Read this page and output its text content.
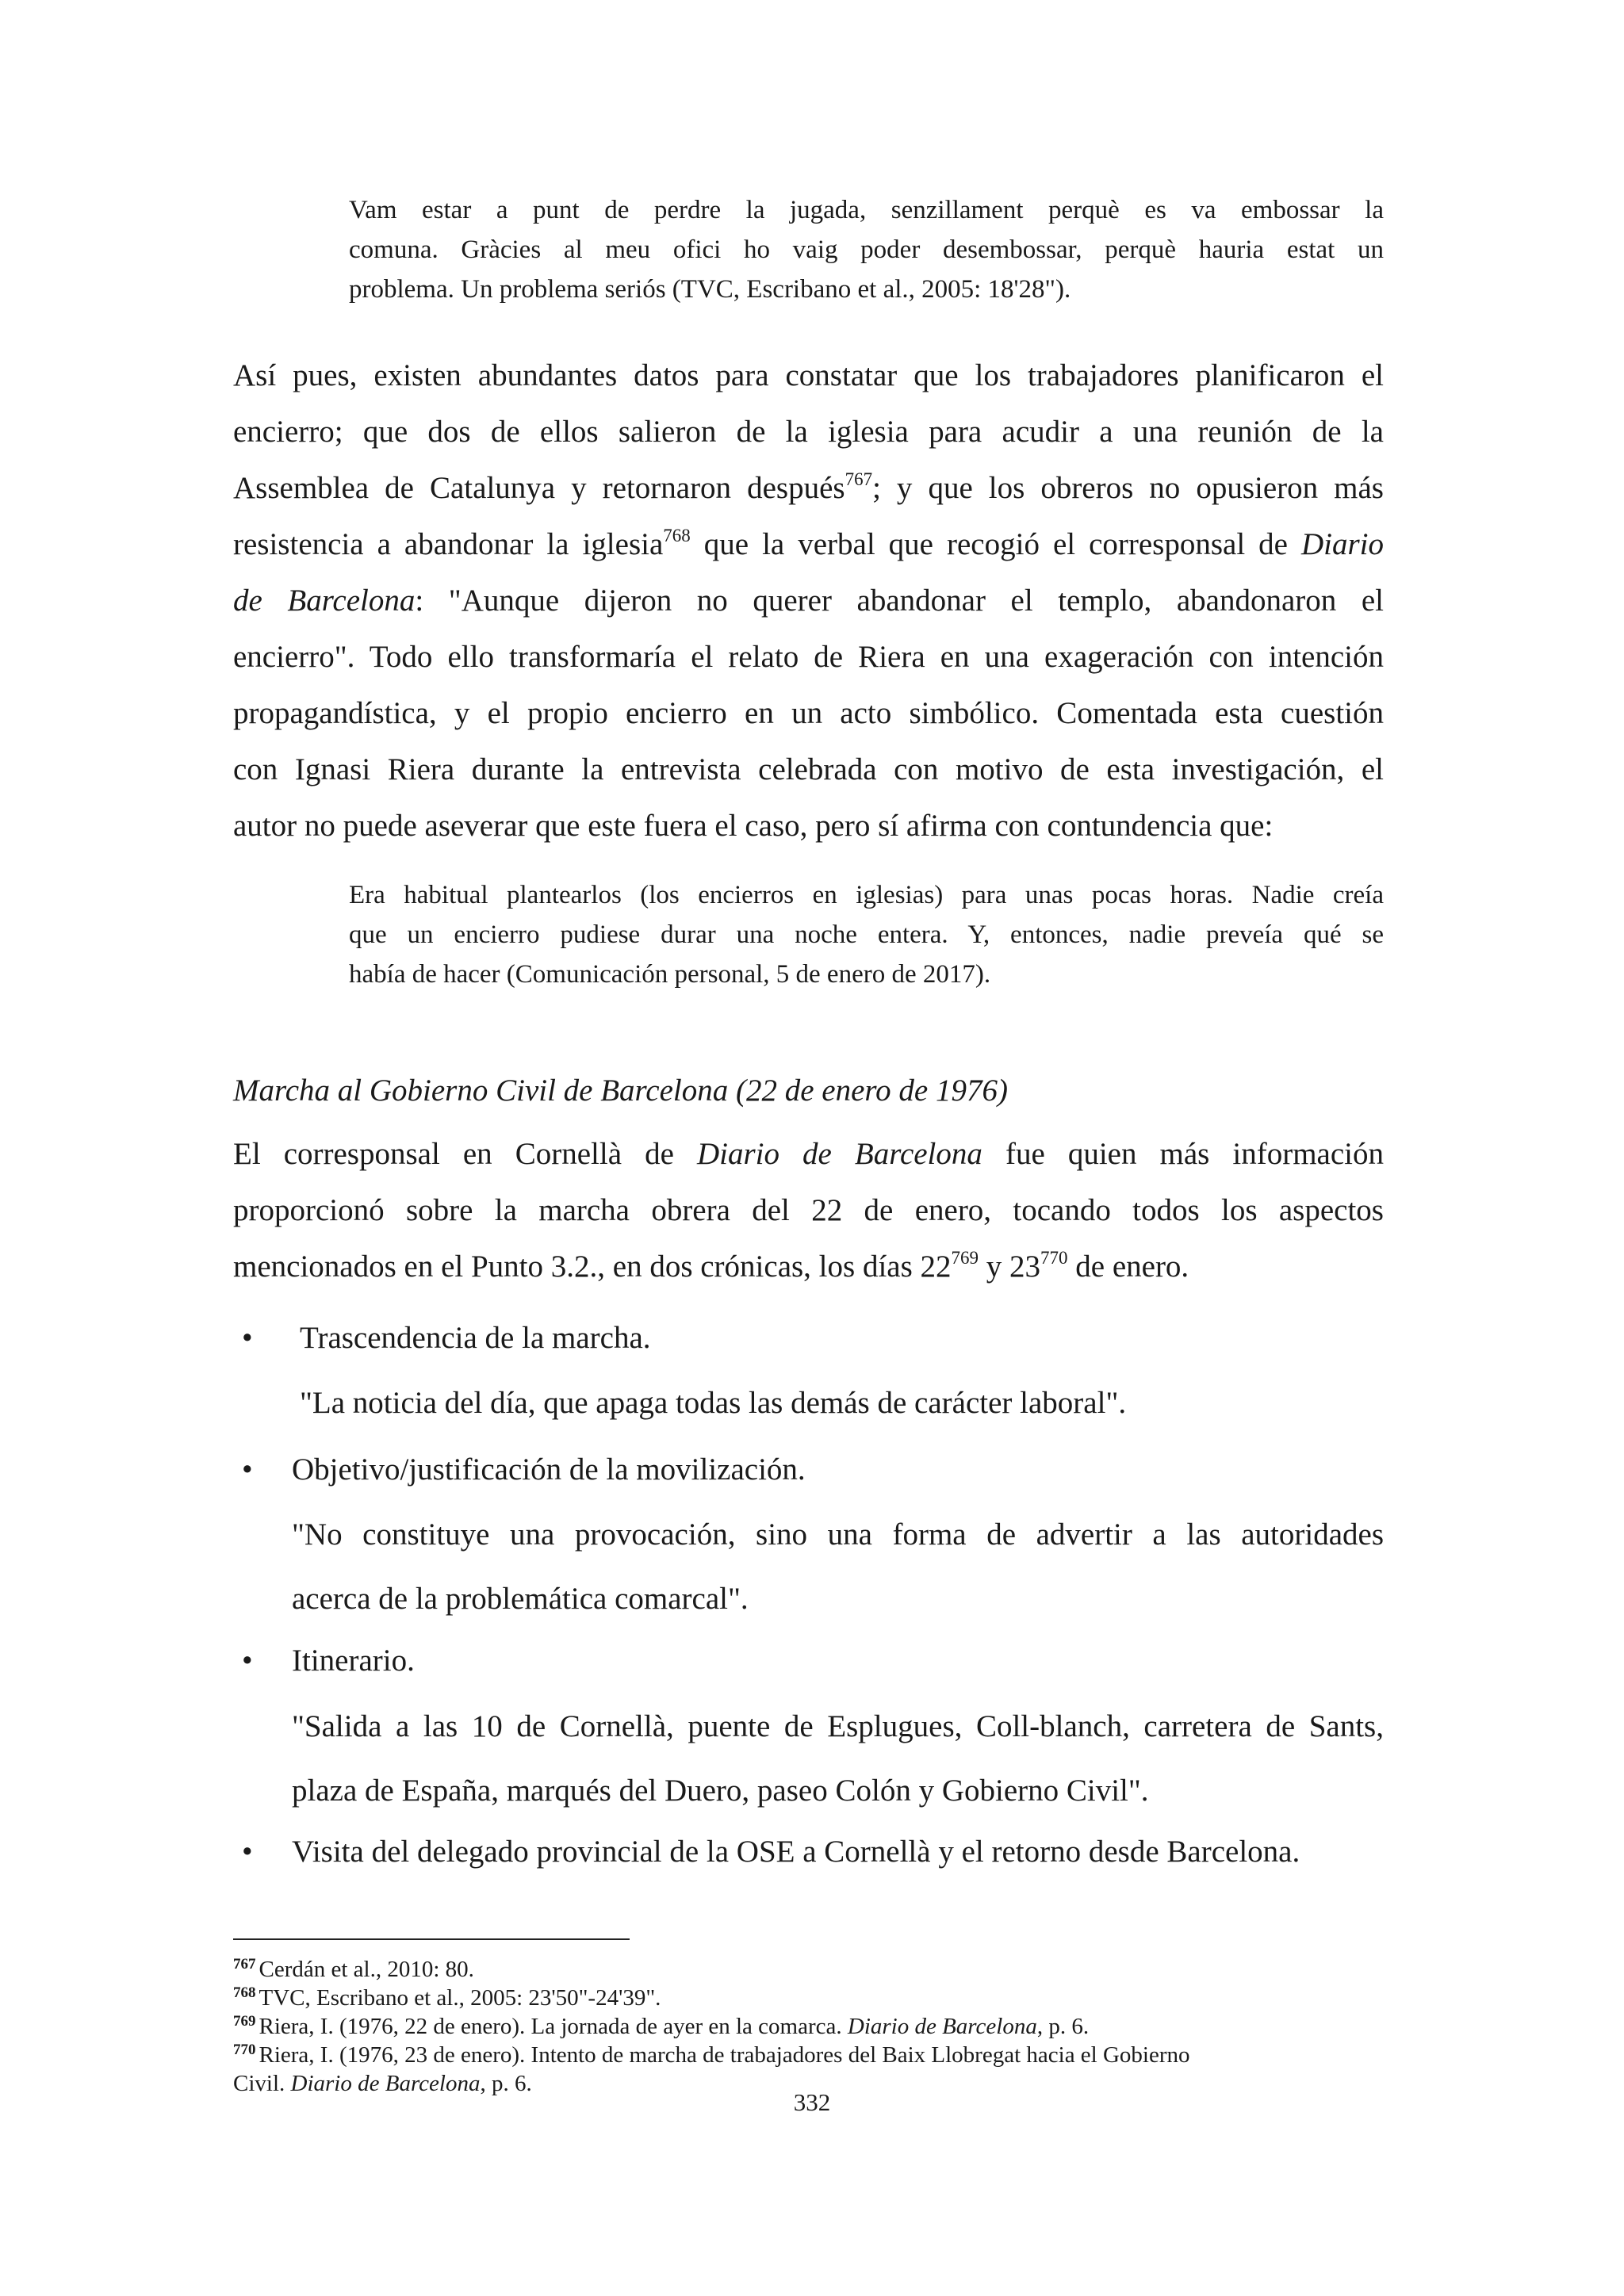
Vam estar a punt de perdre la jugada, senzillament perquè es va embossar la
comuna. Gràcies al meu ofici ho vaig poder desembossar, perquè hauria estat un
problema. Un problema seriós (TVC, Escribano et al., 2005: 18'28").
Así pues, existen abundantes datos para constatar que los trabajadores planificaron el
encierro; que dos de ellos salieron de la iglesia para acudir a una reunión de la
Assemblea de Catalunya y retornaron después$^{767}$; y que los obreros no opusieron más
resistencia a abandonar la iglesia$^{768}$ que la verbal que recogió el corresponsal de Diario
de Barcelona: "Aunque dijeron no querer abandonar el templo, abandonaron el
encierro". Todo ello transformaría el relato de Riera en una exageración con intención
propagandística, y el propio encierro en un acto simbólico. Comentada esta cuestión
con Ignasi Riera durante la entrevista celebrada con motivo de esta investigación, el
autor no puede aseverar que este fuera el caso, pero sí afirma con contundencia que:
Era habitual plantearlos (los encierros en iglesias) para unas pocas horas. Nadie creía
que un encierro pudiese durar una noche entera. Y, entonces, nadie preveía qué se
había de hacer (Comunicación personal, 5 de enero de 2017).
Marcha al Gobierno Civil de Barcelona (22 de enero de 1976)
El corresponsal en Cornellà de Diario de Barcelona fue quien más información
proporcionó sobre la marcha obrera del 22 de enero, tocando todos los aspectos
mencionados en el Punto 3.2., en dos crónicas, los días $22^{769}$ y $23^{770}$ de enero.
• Trascendencia de la marcha.
"La noticia del día, que apaga todas las demás de carácter laboral".
• Objetivo/justificación de la movilización.
"No constituye una provocación, sino una forma de advertir a las autoridades
acerca de la problemática comarcal".
• Itinerario.
"Salida a las 10 de Cornellà, puente de Esplugues, Coll-blanch, carretera de Sants,
plaza de España, marqués del Duero, paseo Colón y Gobierno Civil".
• Visita del delegado provincial de la OSE a Cornellà y el retorno desde Barcelona.
$^{767}$ Cerdán et al., 2010: 80.
$^{768}$ TVC, Escribano et al., 2005: 23'50"-24'39".
$^{769}$ Riera, I. (1976, 22 de enero). La jornada de ayer en la comarca. Diario de Barcelona, p. 6.
$^{770}$ Riera, I. (1976, 23 de enero). Intento de marcha de trabajadores del Baix Llobregat hacia el Gobierno
Civil. Diario de Barcelona, p. 6.
332
